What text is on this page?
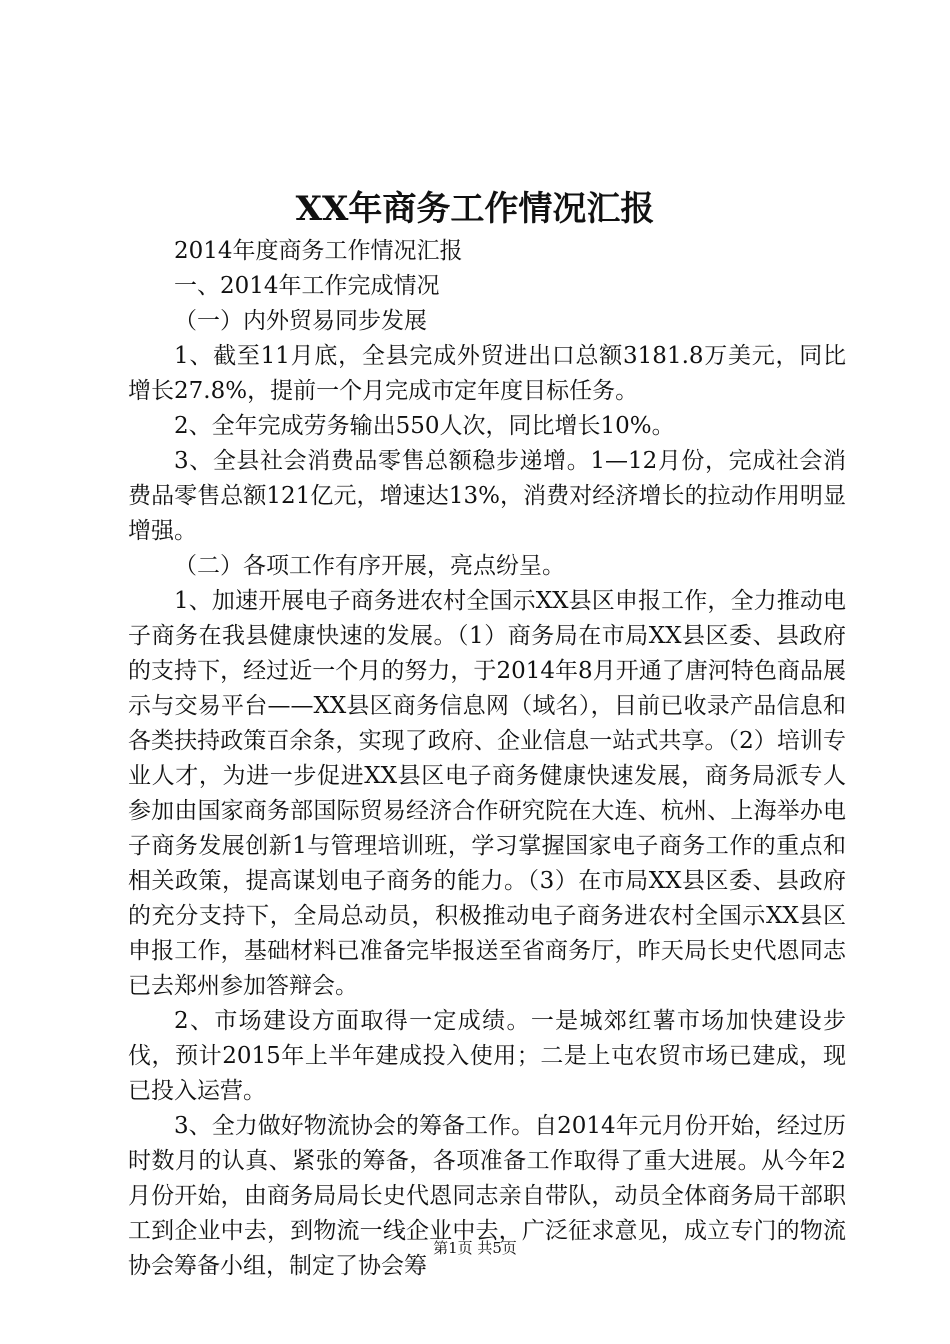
XX年商务工作情况汇报

2014年度商务工作情况汇报

一、2014年工作完成情况

（一）内外贸易同步发展

1、截至11月底，全县完成外贸进出口总额3181.8万美元，同比增长27.8%，提前一个月完成市定年度目标任务。

2、全年完成劳务输出550人次，同比增长10%。

3、全县社会消费品零售总额稳步递增。1—12月份，完成社会消费品零售总额121亿元，增速达13%，消费对经济增长的拉动作用明显增强。

（二）各项工作有序开展，亮点纷呈。

1、加速开展电子商务进农村全国示XX县区申报工作，全力推动电子商务在我县健康快速的发展。（1）商务局在市局XX县区委、县政府的支持下，经过近一个月的努力，于2014年8月开通了唐河特色商品展示与交易平台——XX县区商务信息网（域名），目前已收录产品信息和各类扶持政策百余条，实现了政府、企业信息一站式共享。（2）培训专业人才，为进一步促进XX县区电子商务健康快速发展，商务局派专人参加由国家商务部国际贸易经济合作研究院在大连、杭州、上海举办电子商务发展创新1与管理培训班，学习掌握国家电子商务工作的重点和相关政策，提高谋划电子商务的能力。（3）在市局XX县区委、县政府的充分支持下，全局总动员，积极推动电子商务进农村全国示XX县区申报工作，基础材料已准备完毕报送至省商务厅，昨天局长史代恩同志已去郑州参加答辩会。

2、市场建设方面取得一定成绩。一是城郊红薯市场加快建设步伐，预计2015年上半年建成投入使用；二是上屯农贸市场已建成，现已投入运营。

3、全力做好物流协会的筹备工作。自2014年元月份开始，经过历时数月的认真、紧张的筹备，各项准备工作取得了重大进展。从今年2月份开始，由商务局局长史代恩同志亲自带队，动员全体商务局干部职工到企业中去，到物流一线企业中去，广泛征求意见，成立专门的物流协会筹备小组，制定了协会筹

第1页 共5页
